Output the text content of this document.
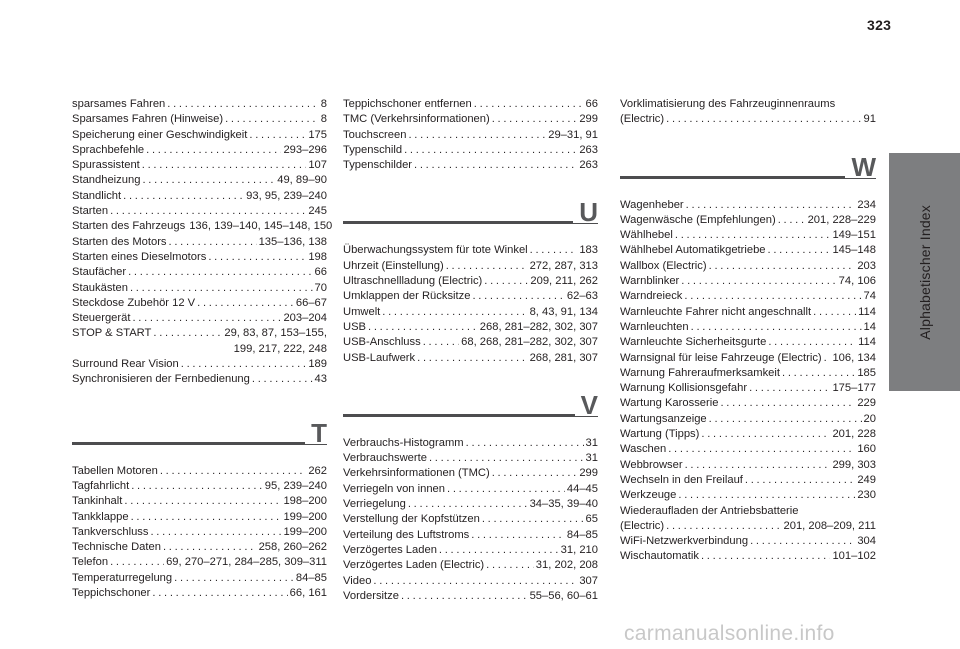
323
Alphabetischer Index
sparsames Fahren . . .	8
Sparsames Fahren (Hinweise) . . .	8
Speicherung einer Geschwindigkeit . . .	175
Sprachbefehle . . .	293–296
Spurassistent . . .	107
Standheizung . . .	49, 89–90
Standlicht . . .	93, 95, 239–240
Starten . . .	245
Starten des Fahrzeugs 136, 139–140, 145–148, 150
Starten des Motors . . .	135–136, 138
Starten eines Dieselmotors . . .	198
Staufächer . . .	66
Staukästen . . .	70
Steckdose Zubehör 12 V . . .	66–67
Steuergerät . . .	203–204
STOP & START . . .	29, 83, 87, 153–155,
199, 217, 222, 248
Surround Rear Vision . . .	189
Synchronisieren der Fernbedienung . . .	43
T
Tabellen Motoren . . .	262
Tagfahrlicht . . .	95, 239–240
Tankinhalt . . .	198–200
Tankklappe . . .	199–200
Tankverschluss . . .	199–200
Technische Daten . . .	258, 260–262
Telefon . . .	69, 270–271, 284–285, 309–311
Temperaturregelung . . .	84–85
Teppichschoner . . .	66, 161
Teppichschoner entfernen . . .	66
TMC (Verkehrsinformationen) . . .	299
Touchscreen . . .	29–31, 91
Typenschild . . .	263
Typenschilder . . .	263
U
Überwachungssystem für tote Winkel . . .	183
Uhrzeit (Einstellung) . . .	272, 287, 313
Ultraschnellladung (Electric) . . .	209, 211, 262
Umklappen der Rücksitze . . .	62–63
Umwelt . . .	8, 43, 91, 134
USB . . .	268, 281–282, 302, 307
USB-Anschluss . . .	68, 268, 281–282, 302, 307
USB-Laufwerk . . .	268, 281, 307
V
Verbrauchs-Histogramm . . .	31
Verbrauchswerte . . .	31
Verkehrsinformationen (TMC) . . .	299
Verriegeln von innen . . .	44–45
Verriegelung . . .	34–35, 39–40
Verstellung der Kopfstützen . . .	65
Verteilung des Luftstroms . . .	84–85
Verzögertes Laden . . .	31, 210
Verzögertes Laden (Electric) . . .	31, 202, 208
Video . . .	307
Vordersitze . . .	55–56, 60–61
Vorklimatisierung des Fahrzeuginnenraums
(Electric) . . .	91
W
Wagenheber . . .	234
Wagenwäsche (Empfehlungen) . . .	201, 228–229
Wählhebel . . .	149–151
Wählhebel Automatikgetriebe . . .	145–148
Wallbox (Electric) . . .	203
Warnblinker . . .	74, 106
Warndreieck . . .	74
Warnleuchte Fahrer nicht angeschnallt . . .	114
Warnleuchten . . .	14
Warnleuchte Sicherheitsgurte . . .	114
Warnsignal für leise Fahrzeuge (Electric) . . . 106, 134
Warnung Fahreraufmerksamkeit . . .	185
Warnung Kollisionsgefahr . . .	175–177
Wartung Karosserie . . .	229
Wartungsanzeige . . .	20
Wartung (Tipps) . . .	201, 228
Waschen . . .	160
Webbrowser . . .	299, 303
Wechseln in den Freilauf . . .	249
Werkzeuge . . .	230
Wiederaufladen der Antriebsbatterie
(Electric) . . .	201, 208–209, 211
WiFi-Netzwerkverbindung . . .	304
Wischautomatik . . .	101–102
carmanualsonline.info
